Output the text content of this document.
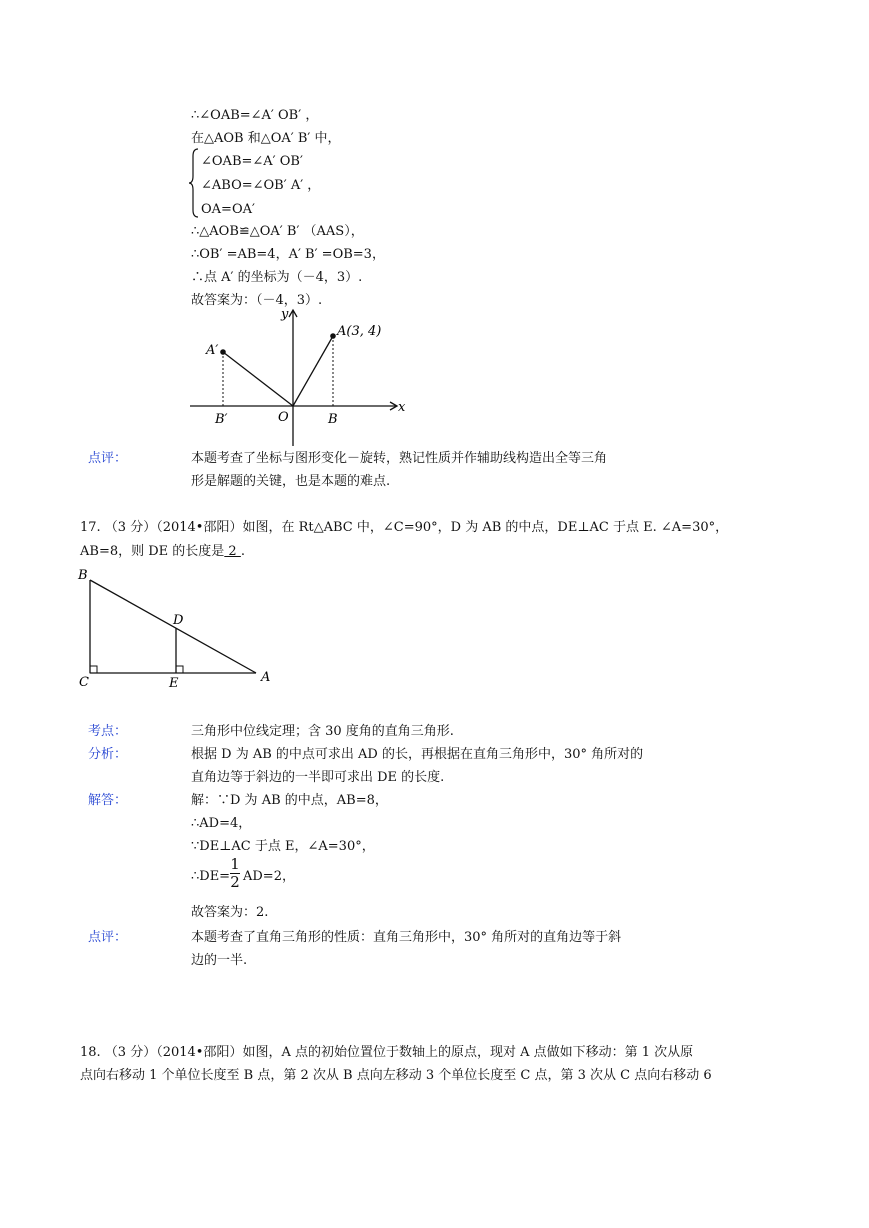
∴∠OAB=∠A′ OB′ ，
在△AOB 和△OA′ B′ 中，
∠OAB=∠A′ OB′
∠ABO=∠OB′ A′ ，
OA=OA′
∴△AOB≌△OA′ B′ （AAS），
∴OB′ =AB=4，A′ B′ =OB=3，
∴点 A′ 的坐标为（－4，3）.
故答案为：（－4，3）.
y
x
A(3, 4)
A′
B′	O	B
点评：	本题考查了坐标与图形变化－旋转，熟记性质并作辅助线构造出全等三角
形是解题的关键，也是本题的难点.
17. （3 分）（2014•邵阳）如图，在 Rt△ABC 中，∠C=90°，D 为 AB 的中点，DE⊥AC 于点 E. ∠A=30°，
AB=8，则 DE 的长度是 2 .
B
D
C	E	A
考点：	三角形中位线定理；含 30 度角的直角三角形.
分析：	根据 D 为 AB 的中点可求出 AD 的长，再根据在直角三角形中，30° 角所对的
直角边等于斜边的一半即可求出 DE 的长度.
解答：	解：∵D 为 AB 的中点，AB=8，
∴AD=4，
∵DE⊥AC 于点 E，∠A=30°，
∴DE=
1
2 AD=2，
故答案为：2.
点评：	本题考查了直角三角形的性质：直角三角形中，30° 角所对的直角边等于斜
边的一半.
18. （3 分）（2014•邵阳）如图，A 点的初始位置位于数轴上的原点，现对 A 点做如下移动：第 1 次从原
点向右移动 1 个单位长度至 B 点，第 2 次从 B 点向左移动 3 个单位长度至 C 点，第 3 次从 C 点向右移动 6
